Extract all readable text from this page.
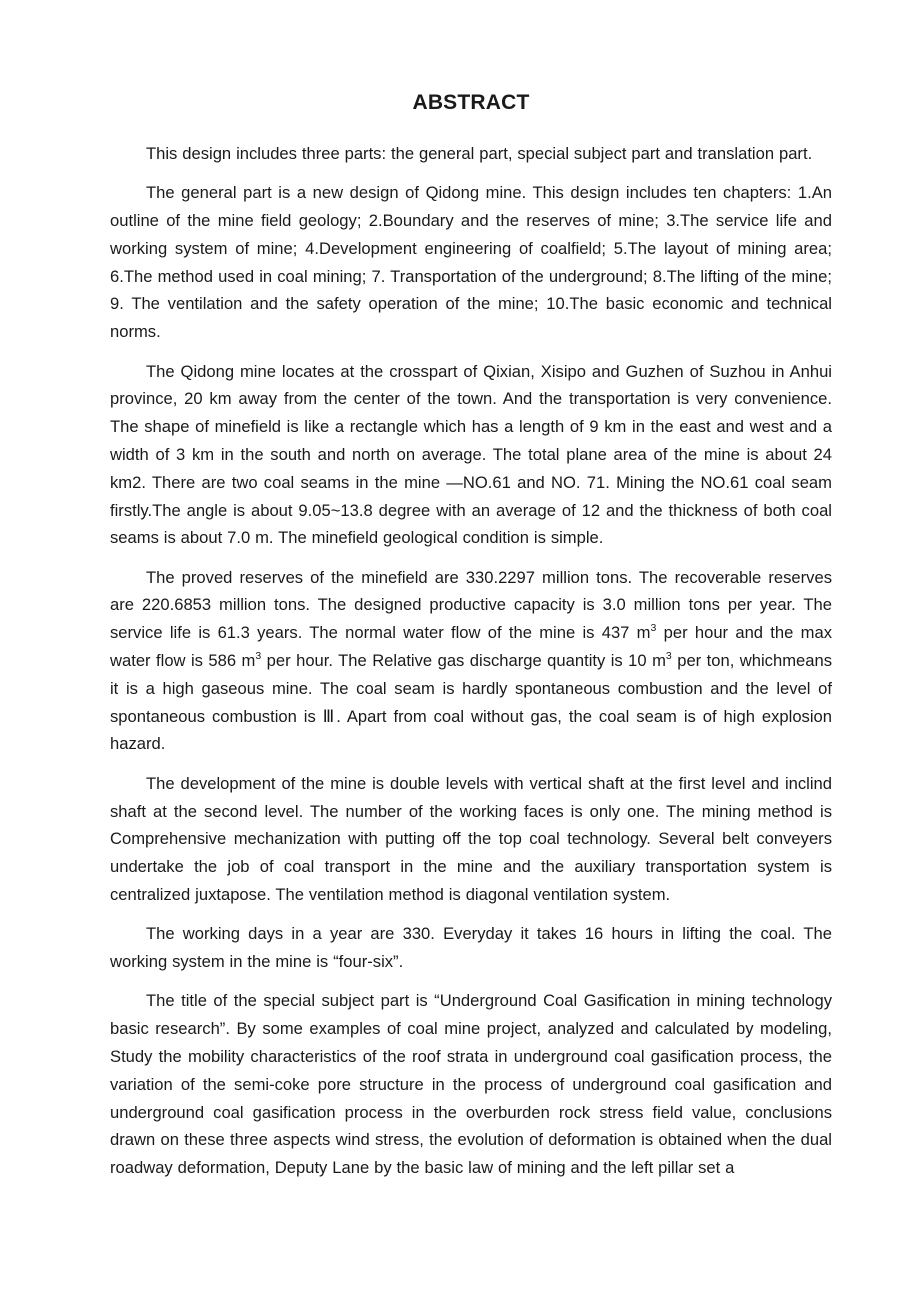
ABSTRACT

This design includes three parts: the general part, special subject part and translation part.

The general part is a new design of Qidong mine. This design includes ten chapters: 1.An outline of the mine field geology; 2.Boundary and the reserves of mine; 3.The service life and working system of mine; 4.Development engineering of coalfield; 5.The layout of mining area; 6.The method used in coal mining; 7. Transportation of the underground; 8.The lifting of the mine; 9. The ventilation and the safety operation of the mine; 10.The basic economic and technical norms.

The Qidong mine locates at the crosspart of Qixian, Xisipo and Guzhen of Suzhou in Anhui province, 20 km away from the center of the town. And the transportation is very convenience. The shape of minefield is like a rectangle which has a length of 9 km in the east and west and a width of 3 km in the south and north on average. The total plane area of the mine is about 24 km2. There are two coal seams in the mine —NO.61 and NO. 71. Mining the NO.61 coal seam firstly.The angle is about 9.05~13.8 degree with an average of 12 and the thickness of both coal seams is about 7.0 m. The minefield geological condition is simple.

The proved reserves of the minefield are 330.2297 million tons. The recoverable reserves are 220.6853 million tons. The designed productive capacity is 3.0 million tons per year. The service life is 61.3 years. The normal water flow of the mine is 437 $m^3$ per hour and the max water flow is 586 $m^3$ per hour. The Relative gas discharge quantity is 10 $m^3$ per ton, whichmeans it is a high gaseous mine. The coal seam is hardly spontaneous combustion and the level of spontaneous combustion is Ⅲ. Apart from coal without gas, the coal seam is of high explosion hazard.

The development of the mine is double levels with vertical shaft at the first level and inclind shaft at the second level. The number of the working faces is only one. The mining method is Comprehensive mechanization with putting off the top coal technology. Several belt conveyers undertake the job of coal transport in the mine and the auxiliary transportation system is centralized juxtapose. The ventilation method is diagonal ventilation system.

The working days in a year are 330. Everyday it takes 16 hours in lifting the coal. The working system in the mine is “four-six”.

The title of the special subject part is “Underground Coal Gasification in mining technology basic research”. By some examples of coal mine project, analyzed and calculated by modeling, Study the mobility characteristics of the roof strata in underground coal gasification process, the variation of the semi-coke pore structure in the process of underground coal gasification and underground coal gasification process in the overburden rock stress field value, conclusions drawn on these three aspects wind stress, the evolution of deformation is obtained when the dual roadway deformation, Deputy Lane by the basic law of mining and the left pillar set a
